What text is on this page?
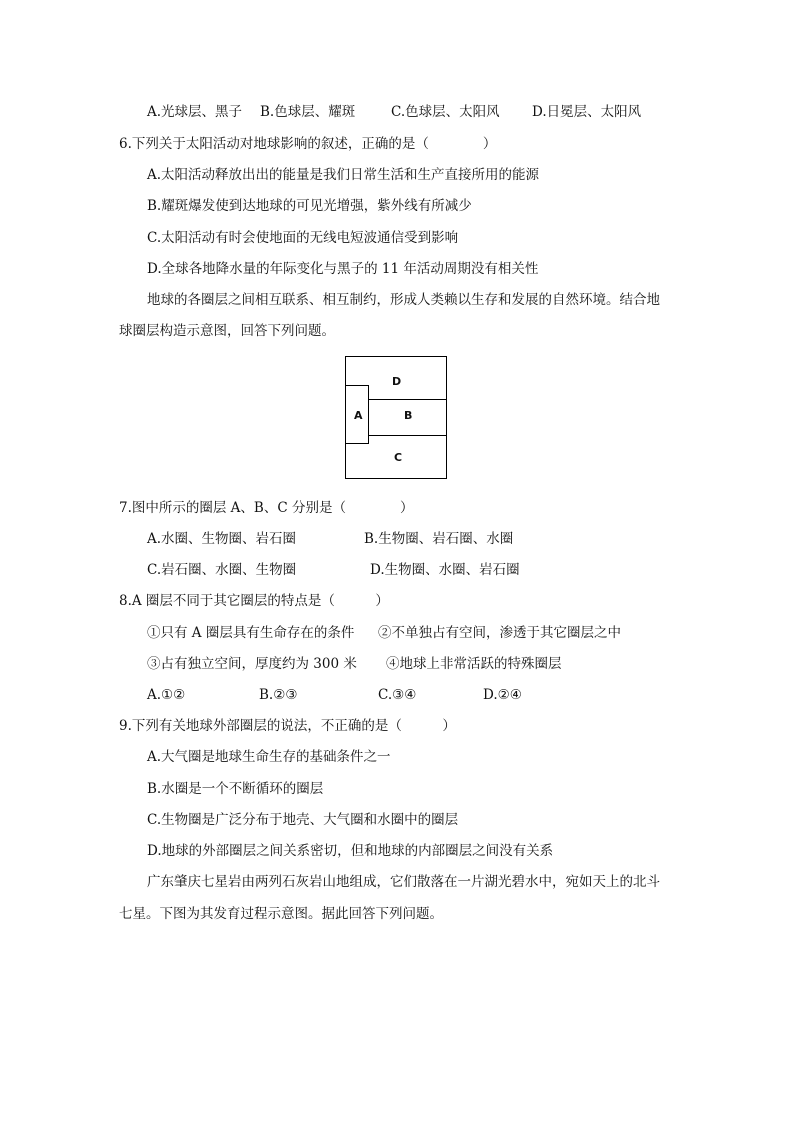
A.光球层、黑子 B.色球层、耀斑	C.色球层、太阳风 D.日冕层、太阳风
6.下列关于太阳活动对地球影响的叙述，正确的是（　　　　）
A.太阳活动释放出出的能量是我们日常生活和生产直接所用的能源
B.耀斑爆发使到达地球的可见光增强，紫外线有所减少
C.太阳活动有时会使地面的无线电短波通信受到影响
D.全球各地降水量的年际变化与黑子的 11 年活动周期没有相关性
地球的各圈层之间相互联系、相互制约，形成人类赖以生存和发展的自然环境。结合地
球圈层构造示意图，回答下列问题。
D
B
A
C
7.图中所示的圈层 A、B、C 分别是（　　　　）
A.水圈、生物圈、岩石圈	B.生物圈、岩石圈、水圈
C.岩石圈、水圈、生物圈	D.生物圈、水圈、岩石圈
8.A 圈层不同于其它圈层的特点是（　　　）
①只有 A 圈层具有生命存在的条件 ②不单独占有空间，渗透于其它圈层之中
③占有独立空间，厚度约为 300 米 ④地球上非常活跃的特殊圈层
A.①②	B.②③	C.③④	D.②④
9.下列有关地球外部圈层的说法，不正确的是（　　　）
A.大气圈是地球生命生存的基础条件之一
B.水圈是一个不断循环的圈层
C.生物圈是广泛分布于地壳、大气圈和水圈中的圈层
D.地球的外部圈层之间关系密切，但和地球的内部圈层之间没有关系
广东肇庆七星岩由两列石灰岩山地组成，它们散落在一片湖光碧水中，宛如天上的北斗
七星。下图为其发育过程示意图。据此回答下列问题。
